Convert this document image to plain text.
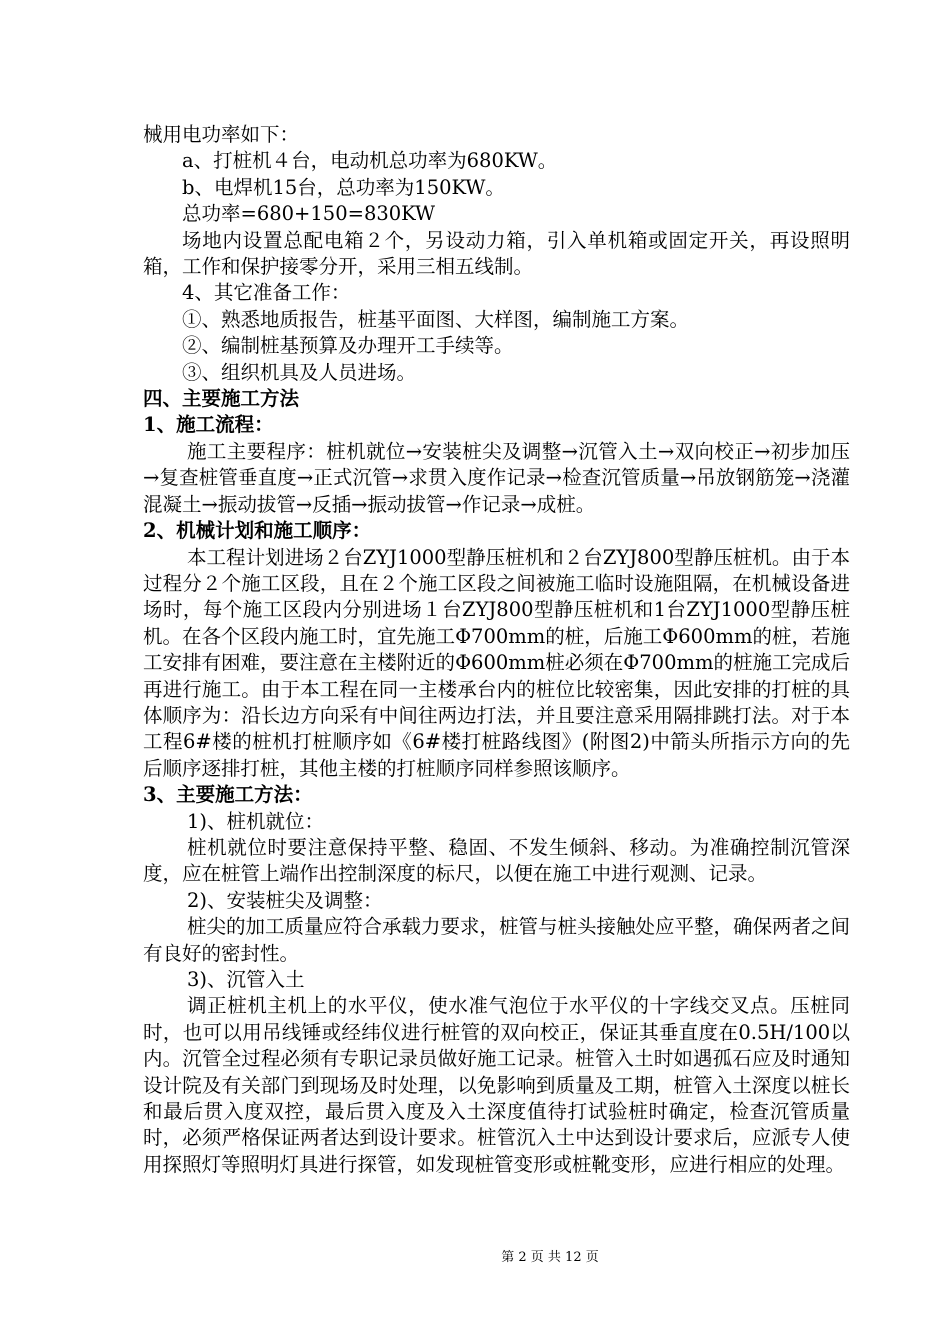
械用电功率如下：

a、打桩机４台，电动机总功率为680KW。

b、电焊机15台，总功率为150KW。

总功率=680+150=830KW

场地内设置总配电箱２个，另设动力箱，引入单机箱或固定开关，再设照明箱，工作和保护接零分开，采用三相五线制。

4、其它准备工作：

①、熟悉地质报告，桩基平面图、大样图，编制施工方案。

②、编制桩基预算及办理开工手续等。

③、组织机具及人员进场。

四、主要施工方法

1、施工流程：

施工主要程序：桩机就位→安装桩尖及调整→沉管入土→双向校正→初步加压→复查桩管垂直度→正式沉管→求贯入度作记录→检查沉管质量→吊放钢筋笼→浇灌混凝土→振动拔管→反插→振动拔管→作记录→成桩。

2、机械计划和施工顺序：

本工程计划进场２台ZYJ1000型静压桩机和２台ZYJ800型静压桩机。由于本过程分２个施工区段，且在２个施工区段之间被施工临时设施阻隔，在机械设备进场时，每个施工区段内分别进场１台ZYJ800型静压桩机和1台ZYJ1000型静压桩机。在各个区段内施工时，宜先施工Φ700mm的桩，后施工Φ600mm的桩，若施工安排有困难，要注意在主楼附近的Φ600mm桩必须在Φ700mm的桩施工完成后再进行施工。由于本工程在同一主楼承台内的桩位比较密集，因此安排的打桩的具体顺序为：沿长边方向采有中间往两边打法，并且要注意采用隔排跳打法。对于本工程6#楼的桩机打桩顺序如《6#楼打桩路线图》(附图2)中箭头所指示方向的先后顺序逐排打桩，其他主楼的打桩顺序同样参照该顺序。

3、主要施工方法：

1)、桩机就位：

桩机就位时要注意保持平整、稳固、不发生倾斜、移动。为准确控制沉管深度，应在桩管上端作出控制深度的标尺，以便在施工中进行观测、记录。

2)、安装桩尖及调整：

桩尖的加工质量应符合承载力要求，桩管与桩头接触处应平整，确保两者之间有良好的密封性。

3)、沉管入土

调正桩机主机上的水平仪，使水准气泡位于水平仪的十字线交叉点。压桩同时，也可以用吊线锤或经纬仪进行桩管的双向校正，保证其垂直度在0.5H/100以内。沉管全过程必须有专职记录员做好施工记录。桩管入土时如遇孤石应及时通知设计院及有关部门到现场及时处理，以免影响到质量及工期，桩管入土深度以桩长和最后贯入度双控，最后贯入度及入土深度值待打试验桩时确定，检查沉管质量时，必须严格保证两者达到设计要求。桩管沉入土中达到设计要求后，应派专人使用探照灯等照明灯具进行探管，如发现桩管变形或桩靴变形，应进行相应的处理。

第 2 页 共 12 页
